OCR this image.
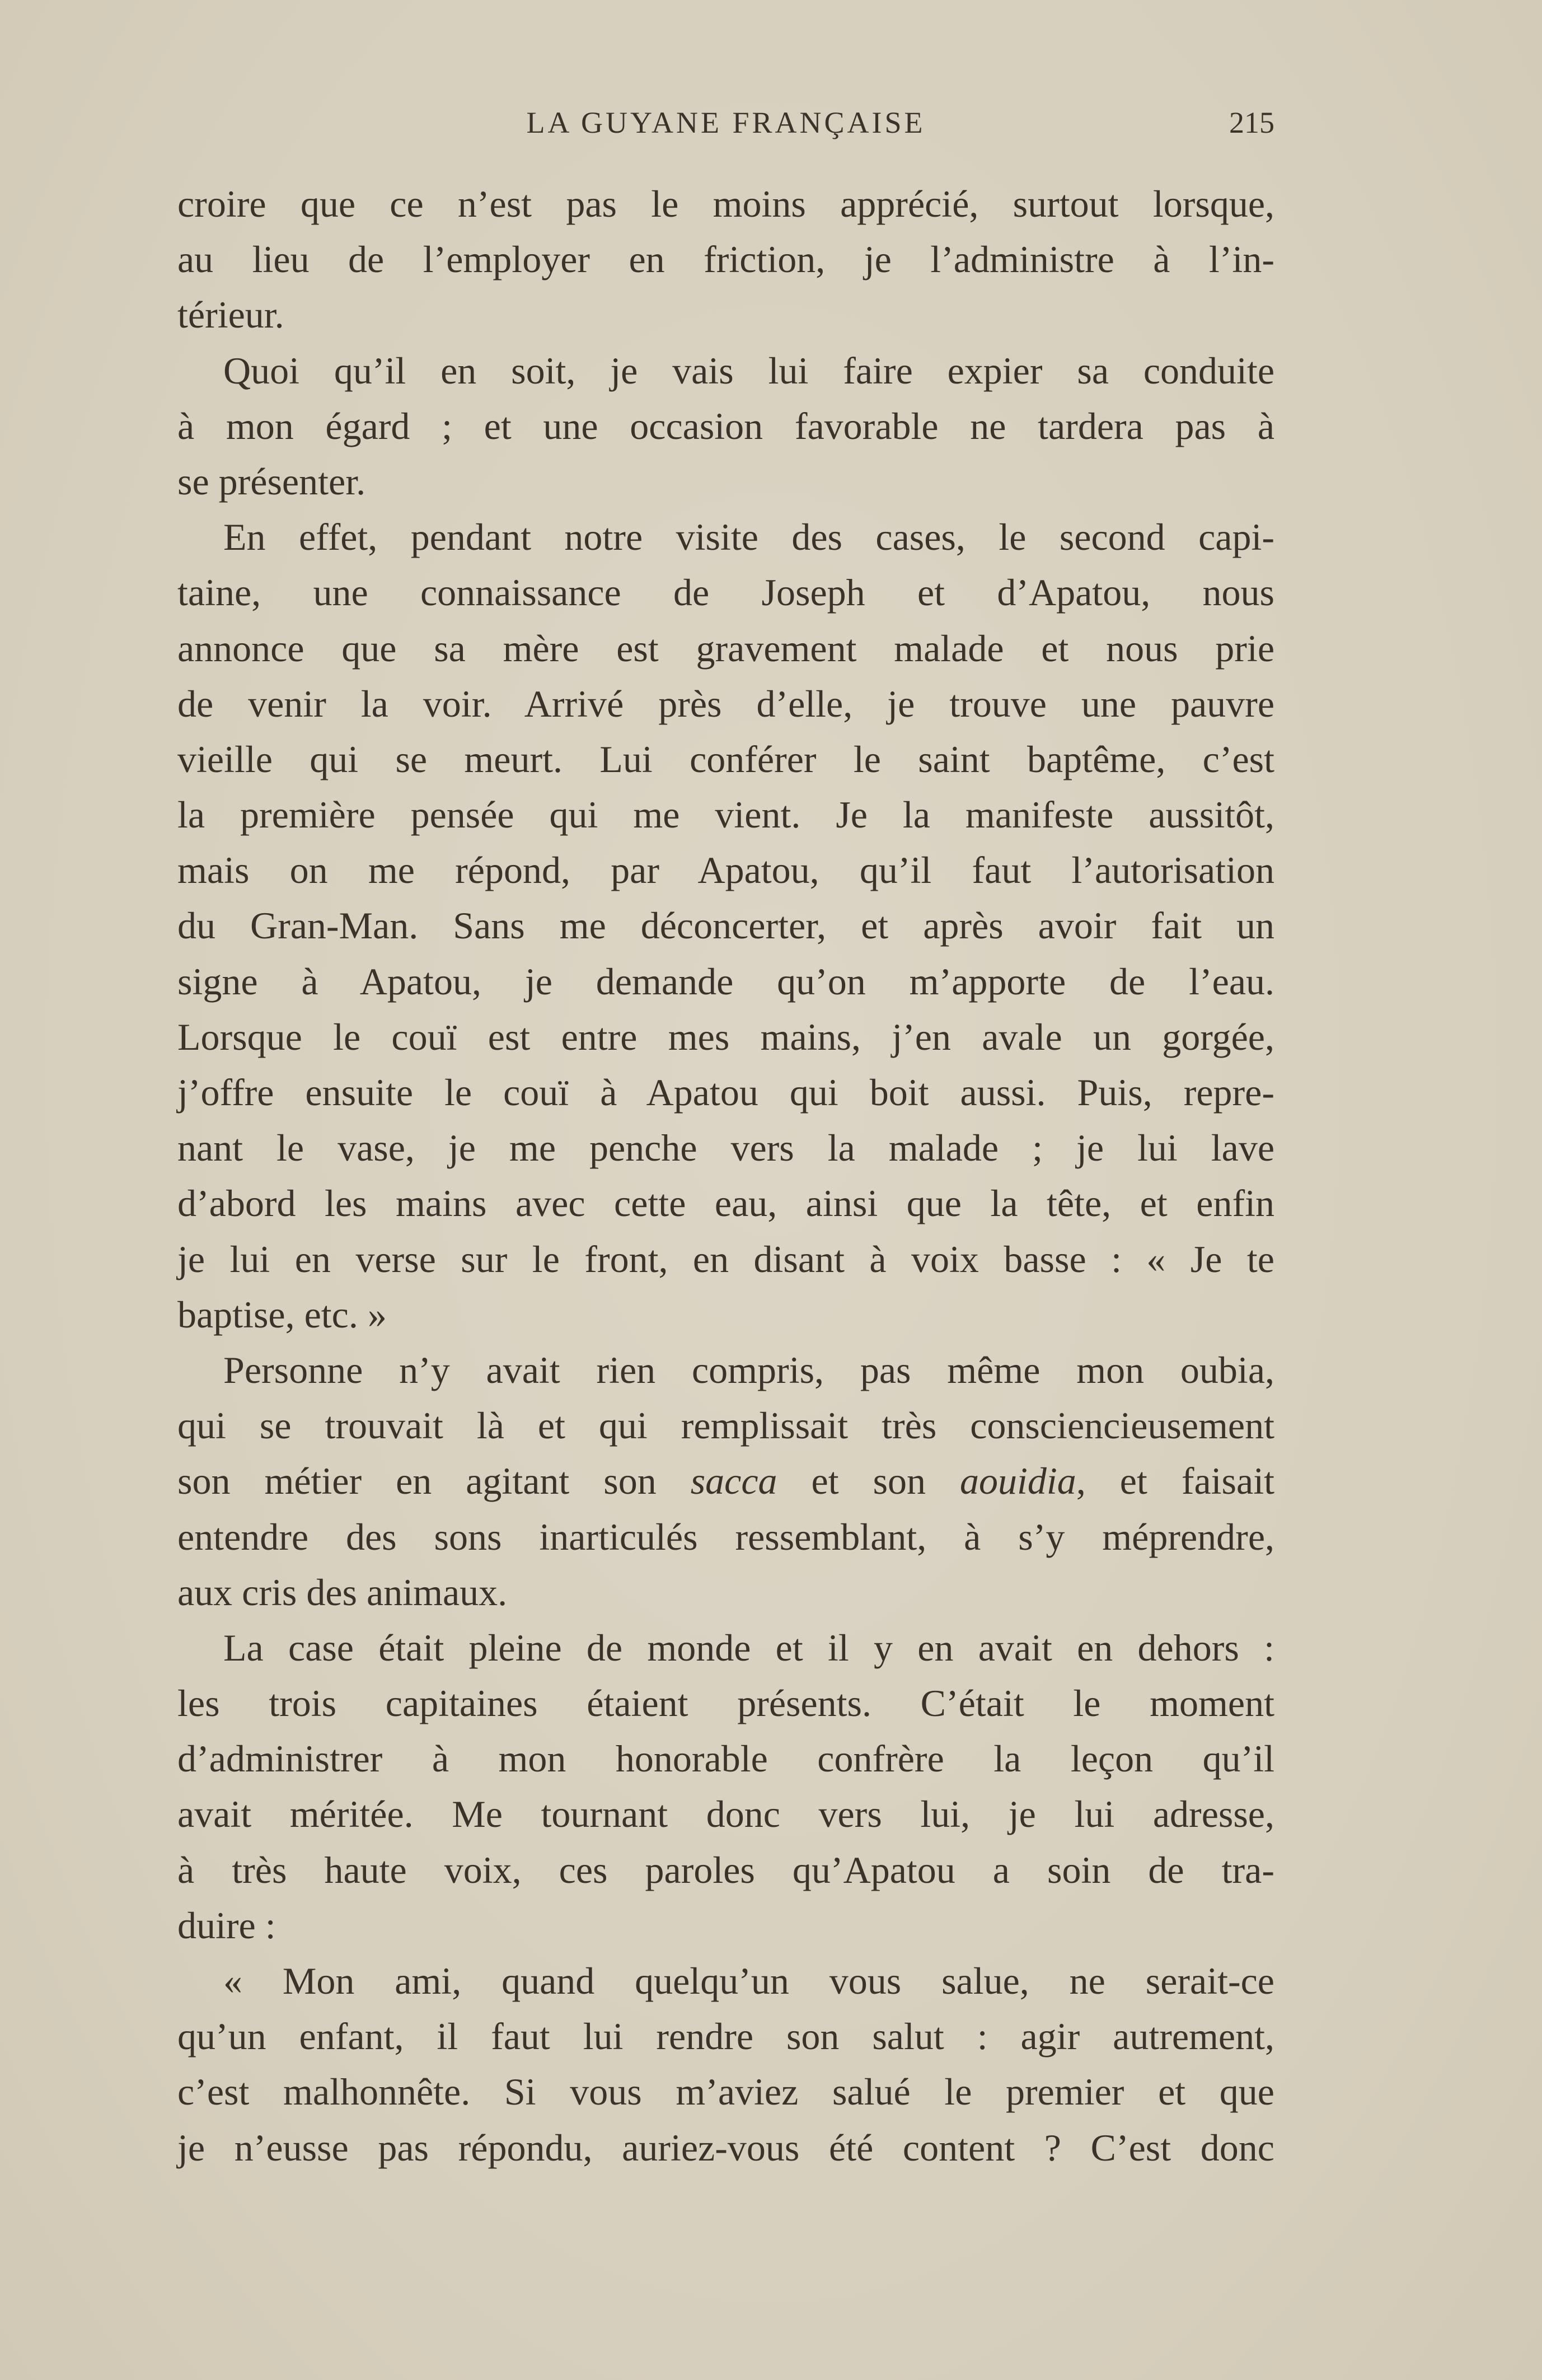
LA GUYANE FRANÇAISE	215
croire que ce n’est pas le moins apprécié, surtout lorsque,
au lieu de l’employer en friction, je l’administre à l’in-
térieur.
Quoi qu’il en soit, je vais lui faire expier sa conduite
à mon égard ; et une occasion favorable ne tardera pas à
se présenter.
En effet, pendant notre visite des cases, le second capi-
taine, une connaissance de Joseph et d’Apatou, nous
annonce que sa mère est gravement malade et nous prie
de venir la voir. Arrivé près d’elle, je trouve une pauvre
vieille qui se meurt. Lui conférer le saint baptême, c’est
la première pensée qui me vient. Je la manifeste aussitôt,
mais on me répond, par Apatou, qu’il faut l’autorisation
du Gran-Man. Sans me déconcerter, et après avoir fait un
signe à Apatou, je demande qu’on m’apporte de l’eau.
Lorsque le couï est entre mes mains, j’en avale un gorgée,
j’offre ensuite le couï à Apatou qui boit aussi. Puis, repre-
nant le vase, je me penche vers la malade ; je lui lave
d’abord les mains avec cette eau, ainsi que la tête, et enfin
je lui en verse sur le front, en disant à voix basse : « Je te
baptise, etc. »
Personne n’y avait rien compris, pas même mon oubia,
qui se trouvait là et qui remplissait très consciencieusement
son métier en agitant son sacca et son aouidia, et faisait
entendre des sons inarticulés ressemblant, à s’y méprendre,
aux cris des animaux.
La case était pleine de monde et il y en avait en dehors :
les trois capitaines étaient présents. C’était le moment
d’administrer à mon honorable confrère la leçon qu’il
avait méritée. Me tournant donc vers lui, je lui adresse,
à très haute voix, ces paroles qu’Apatou a soin de tra-
duire :
« Mon ami, quand quelqu’un vous salue, ne serait-ce
qu’un enfant, il faut lui rendre son salut : agir autrement,
c’est malhonnête. Si vous m’aviez salué le premier et que
je n’eusse pas répondu, auriez-vous été content ? C’est donc
